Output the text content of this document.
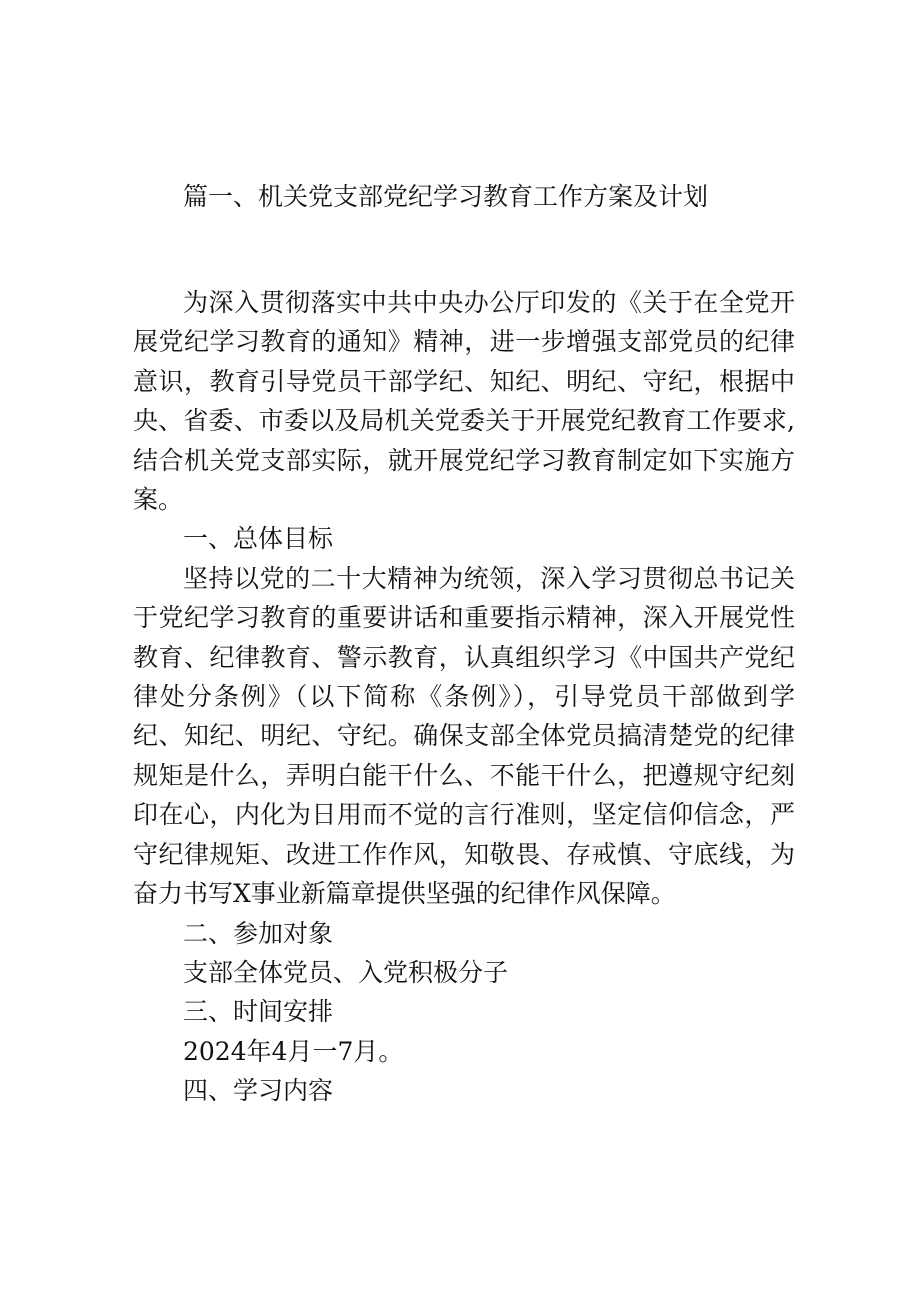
篇一、机关党支部党纪学习教育工作方案及计划

为深入贯彻落实中共中央办公厅印发的《关于在全党开展党纪学习教育的通知》精神，进一步增强支部党员的纪律意识，教育引导党员干部学纪、知纪、明纪、守纪，根据中央、省委、市委以及局机关党委关于开展党纪教育工作要求,结合机关党支部实际，就开展党纪学习教育制定如下实施方案。

一、总体目标

坚持以党的二十大精神为统领，深入学习贯彻总书记关于党纪学习教育的重要讲话和重要指示精神，深入开展党性教育、纪律教育、警示教育，认真组织学习《中国共产党纪律处分条例》（以下简称《条例》），引导党员干部做到学纪、知纪、明纪、守纪。确保支部全体党员搞清楚党的纪律规矩是什么，弄明白能干什么、不能干什么，把遵规守纪刻印在心，内化为日用而不觉的言行准则，坚定信仰信念，严守纪律规矩、改进工作作风，知敬畏、存戒慎、守底线，为奋力书写X事业新篇章提供坚强的纪律作风保障。

二、参加对象

支部全体党员、入党积极分子

三、时间安排

2024年4月一7月。

四、学习内容
